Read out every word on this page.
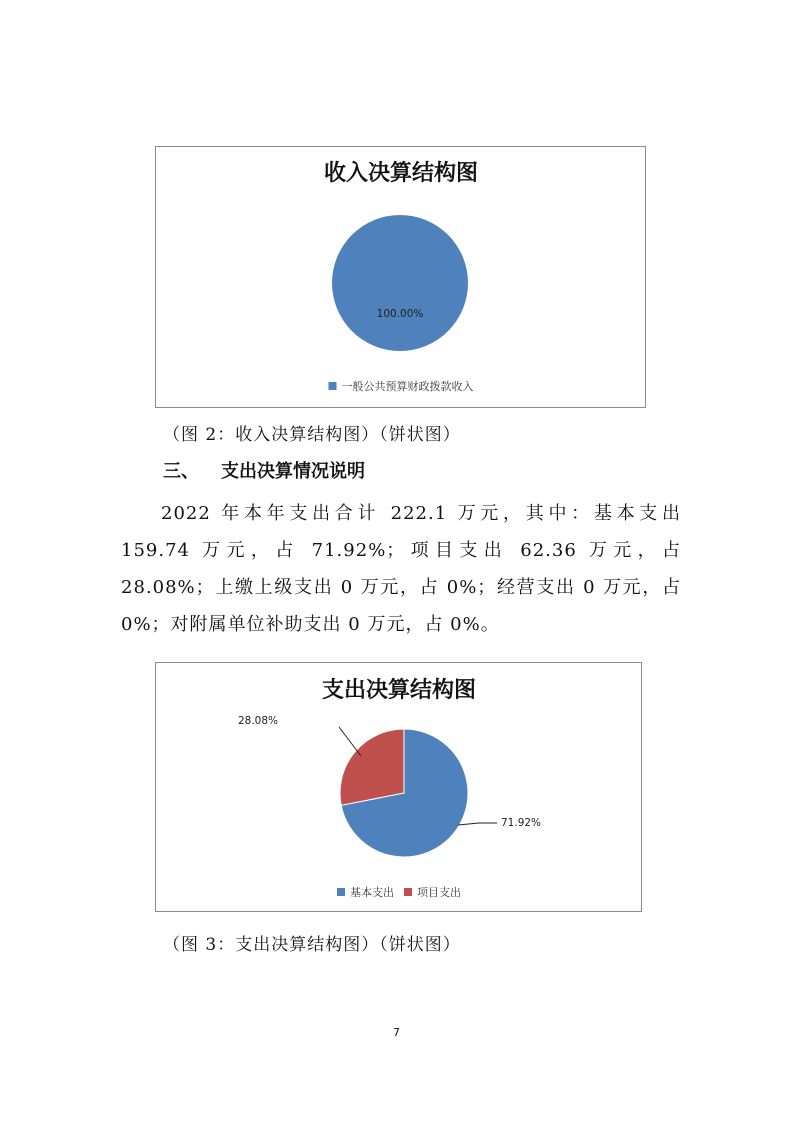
收入决算结构图
100.00%
一般公共预算财政拨款收入
（图 2：收入决算结构图）（饼状图）
三、 支出决算情况说明
2022 年本年支出合计 222.1 万元，其中：基本支出 159.74 万元，占 71.92%；项目支出 62.36 万元，占 28.08%；上缴上级支出 0 万元，占 0%；经营支出 0 万元，占 0%；对附属单位补助支出 0 万元，占 0%。
支出决算结构图
71.92%
28.08%
基本支出 项目支出
（图 3：支出决算结构图）（饼状图）
7
